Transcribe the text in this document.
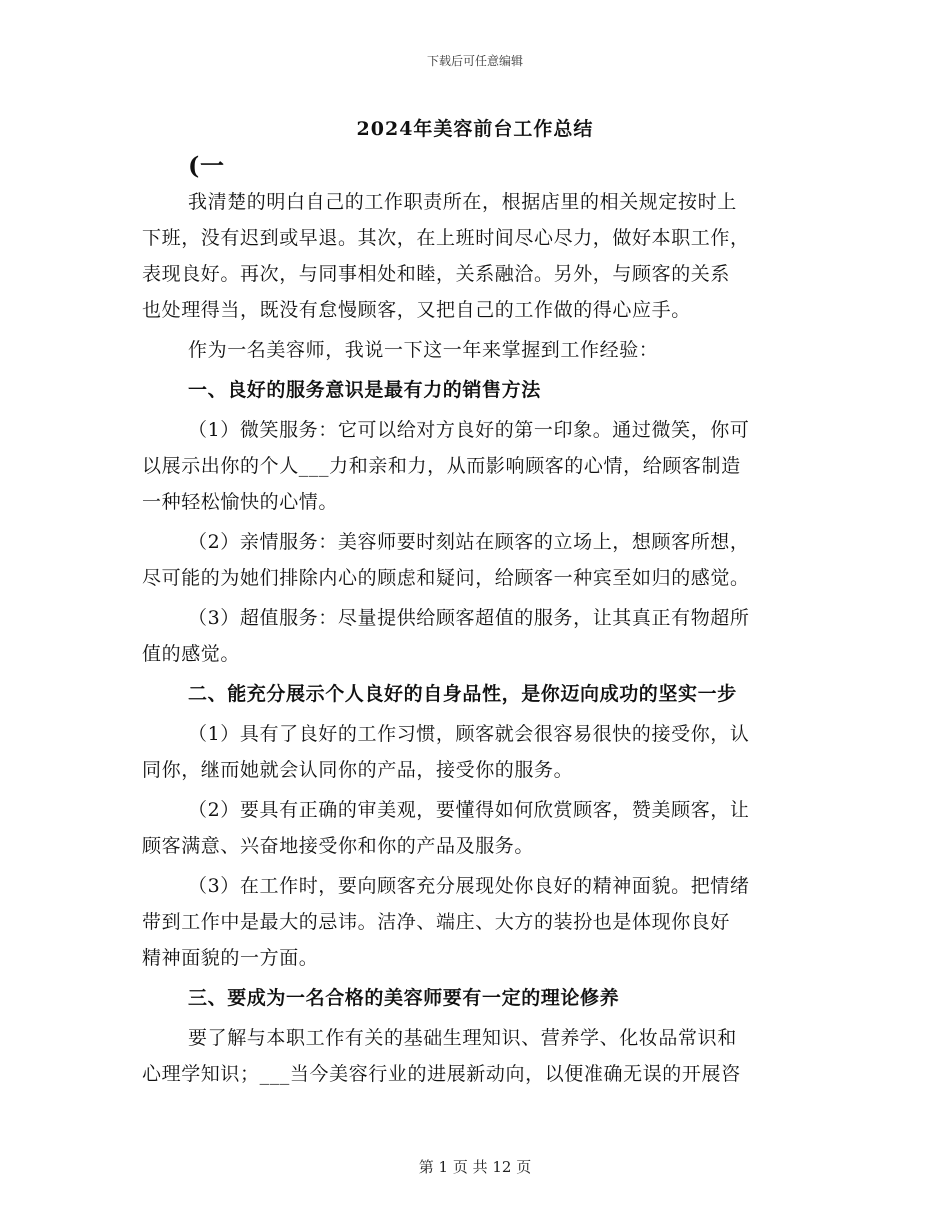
下载后可任意编辑
2024年美容前台工作总结
(一
我清楚的明白自己的工作职责所在，根据店里的相关规定按时上
下班，没有迟到或早退。其次，在上班时间尽心尽力，做好本职工作，
表现良好。再次，与同事相处和睦，关系融洽。另外，与顾客的关系
也处理得当，既没有怠慢顾客，又把自己的工作做的得心应手。
作为一名美容师，我说一下这一年来掌握到工作经验：
一、良好的服务意识是最有力的销售方法
（1）微笑服务：它可以给对方良好的第一印象。通过微笑，你可
以展示出你的个人___力和亲和力，从而影响顾客的心情，给顾客制造
一种轻松愉快的心情。
（2）亲情服务：美容师要时刻站在顾客的立场上，想顾客所想，
尽可能的为她们排除内心的顾虑和疑问，给顾客一种宾至如归的感觉。
（3）超值服务：尽量提供给顾客超值的服务，让其真正有物超所
值的感觉。
二、能充分展示个人良好的自身品性，是你迈向成功的坚实一步
（1）具有了良好的工作习惯，顾客就会很容易很快的接受你，认
同你，继而她就会认同你的产品，接受你的服务。
（2）要具有正确的审美观，要懂得如何欣赏顾客，赞美顾客，让
顾客满意、兴奋地接受你和你的产品及服务。
（3）在工作时，要向顾客充分展现处你良好的精神面貌。把情绪
带到工作中是最大的忌讳。洁净、端庄、大方的装扮也是体现你良好
精神面貌的一方面。
三、要成为一名合格的美容师要有一定的理论修养
要了解与本职工作有关的基础生理知识、营养学、化妆品常识和
心理学知识；___当今美容行业的进展新动向，以便准确无误的开展咨
第 1 页 共 12 页
